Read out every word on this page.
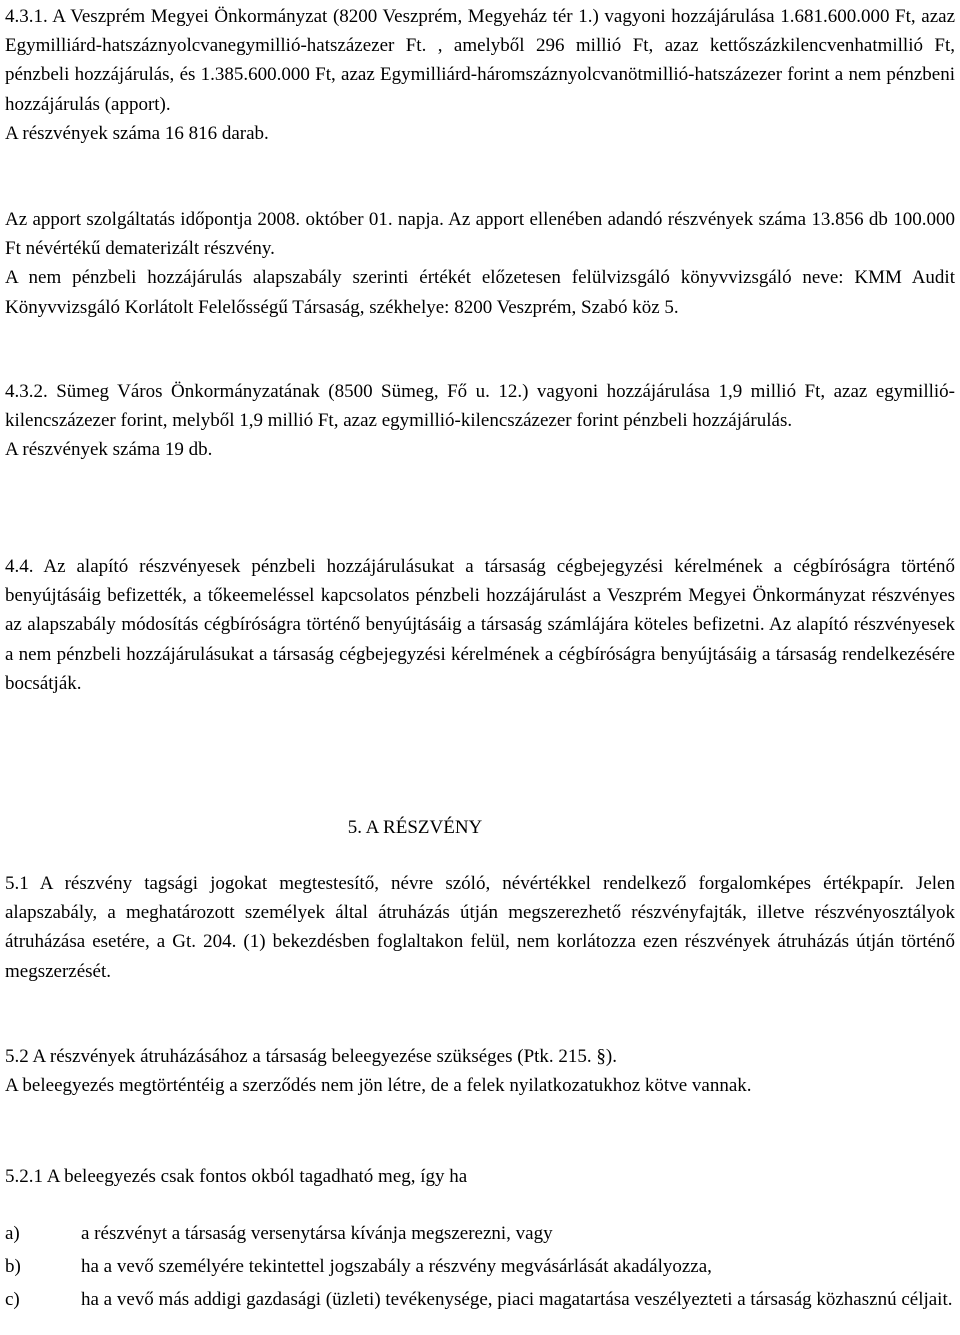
4.3.1. A Veszprém Megyei Önkormányzat (8200 Veszprém, Megyeház tér 1.) vagyoni hozzájárulása 1.681.600.000 Ft, azaz Egymilliárd-hatszáznyolcvanegymillió-hatszázezer Ft. , amelyből 296 millió Ft, azaz kettőszázkilencvenhatmillió Ft, pénzbeli hozzájárulás, és 1.385.600.000 Ft, azaz Egymilliárd-háromszáznyolcvanötmillió-hatszázezer forint a nem pénzbeni hozzájárulás (apport).
A részvények száma 16 816 darab.
Az apport szolgáltatás időpontja 2008. október 01. napja. Az apport ellenében adandó részvények száma 13.856 db 100.000 Ft névértékű dematerizált részvény.
A nem pénzbeli hozzájárulás alapszabály szerinti értékét előzetesen felülvizsgáló könyvvizsgáló neve: KMM Audit Könyvvizsgáló Korlátolt Felelősségű Társaság, székhelye: 8200 Veszprém, Szabó köz 5.
4.3.2. Sümeg Város Önkormányzatának (8500 Sümeg, Fő u. 12.) vagyoni hozzájárulása 1,9 millió Ft, azaz egymillió-kilencszázezer forint, melyből 1,9 millió Ft, azaz egymillió-kilencszázezer forint pénzbeli hozzájárulás.
A részvények száma 19 db.
4.4. Az alapító részvényesek pénzbeli hozzájárulásukat a társaság cégbejegyzési kérelmének a cégbíróságra történő benyújtásáig befizették, a tőkeemeléssel kapcsolatos pénzbeli hozzájárulást a Veszprém Megyei Önkormányzat részvényes az alapszabály módosítás cégbíróságra történő benyújtásáig a társaság számlájára köteles befizetni. Az alapító részvényesek a nem pénzbeli hozzájárulásukat a társaság cégbejegyzési kérelmének a cégbíróságra benyújtásáig a társaság rendelkezésére bocsátják.
5. A RÉSZVÉNY
5.1 A részvény tagsági jogokat megtestesítő, névre szóló, névértékkel rendelkező forgalomképes értékpapír. Jelen alapszabály, a meghatározott személyek által átruházás útján megszerezhető részvényfajták, illetve részvényosztályok átruházása esetére, a Gt. 204. (1) bekezdésben foglaltakon felül, nem korlátozza ezen részvények átruházás útján történő megszerzését.
5.2 A részvények átruházásához a társaság beleegyezése szükséges (Ptk. 215. §).
A beleegyezés megtörténtéig a szerződés nem jön létre, de a felek nyilatkozatukhoz kötve vannak.
5.2.1 A beleegyezés csak fontos okból tagadható meg, így ha
a)	a részvényt a társaság versenytársa kívánja megszerezni, vagy
b)	ha a vevő személyére tekintettel jogszabály a részvény megvásárlását akadályozza,
c)	ha a vevő más addigi gazdasági (üzleti) tevékenysége, piaci magatartása veszélyezteti a társaság közhasznú céljait.
